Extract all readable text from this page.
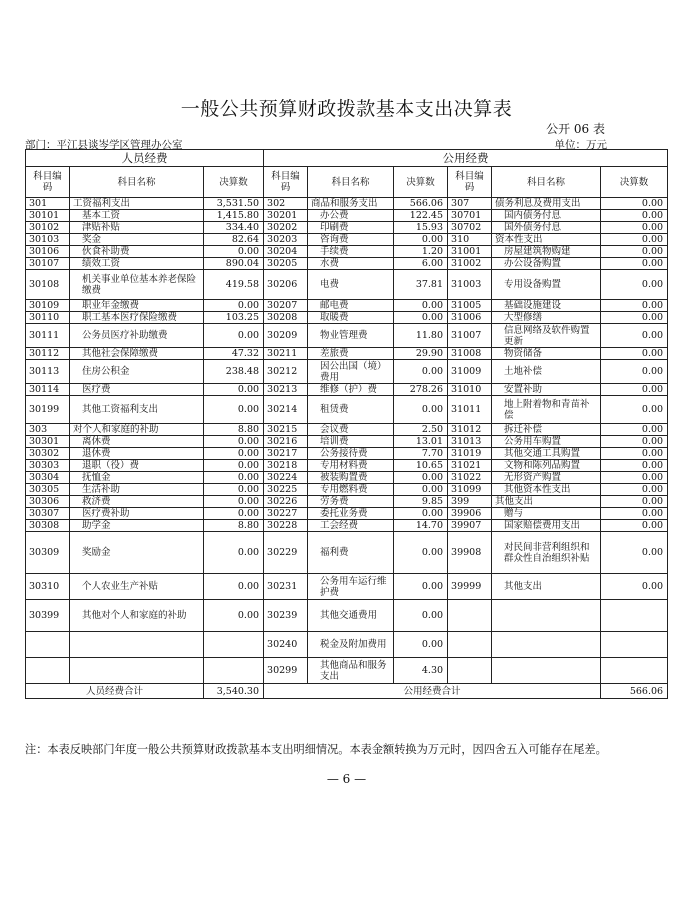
一般公共预算财政拨款基本支出决算表
公开 06 表
部门：平江县谈岑学区管理办公室	单位：万元
人员经费			公用经费					
科目编码	科目名称	决算数	科目编码	科目名称	决算数	科目编码	科目名称	决算数
301	工资福利支出	3,531.50	302	商品和服务支出	566.06	307	债务利息及费用支出	0.00
30101	基本工资	1,415.80	30201	办公费	122.45	30701	国内债务付息	0.00
30102	津贴补贴	334.40	30202	印刷费	15.93	30702	国外债务付息	0.00
30103	奖金	82.64	30203	咨询费	0.00	310	资本性支出	0.00
30106	伙食补助费	0.00	30204	手续费	1.20	31001	房屋建筑物购建	0.00
30107	绩效工资	890.04	30205	水费	6.00	31002	办公设备购置	0.00
30108	机关事业单位基本养老保险缴费	419.58	30206	电费	37.81	31003	专用设备购置	0.00
30109	职业年金缴费	0.00	30207	邮电费	0.00	31005	基础设施建设	0.00
30110	职工基本医疗保险缴费	103.25	30208	取暖费	0.00	31006	大型修缮	0.00
30111	公务员医疗补助缴费	0.00	30209	物业管理费	11.80	31007	信息网络及软件购置更新	0.00
30112	其他社会保障缴费	47.32	30211	差旅费	29.90	31008	物资储备	0.00
30113	住房公积金	238.48	30212	因公出国（境）费用	0.00	31009	土地补偿	0.00
30114	医疗费	0.00	30213	维修（护）费	278.26	31010	安置补助	0.00
30199	其他工资福利支出	0.00	30214	租赁费	0.00	31011	地上附着物和青苗补偿	0.00
303	对个人和家庭的补助	8.80	30215	会议费	2.50	31012	拆迁补偿	0.00
30301	离休费	0.00	30216	培训费	13.01	31013	公务用车购置	0.00
30302	退休费	0.00	30217	公务接待费	7.70	31019	其他交通工具购置	0.00
30303	退职（役）费	0.00	30218	专用材料费	10.65	31021	文物和陈列品购置	0.00
30304	抚恤金	0.00	30224	被装购置费	0.00	31022	无形资产购置	0.00
30305	生活补助	0.00	30225	专用燃料费	0.00	31099	其他资本性支出	0.00
30306	救济费	0.00	30226	劳务费	9.85	399	其他支出	0.00
30307	医疗费补助	0.00	30227	委托业务费	0.00	39906	赠与	0.00
30308	助学金	8.80	30228	工会经费	14.70	39907	国家赔偿费用支出	0.00
30309	奖励金	0.00	30229	福利费	0.00	39908	对民间非营利组织和群众性自治组织补贴	0.00
30310	个人农业生产补贴	0.00	30231	公务用车运行维护费	0.00	39999	其他支出	0.00
30399	其他对个人和家庭的补助	0.00	30239	其他交通费用	0.00			
			30240	税金及附加费用	0.00			
			30299	其他商品和服务支出	4.30			
人员经费合计		3,540.30	公用经费合计					566.06
注：本表反映部门年度一般公共预算财政拨款基本支出明细情况。本表金额转换为万元时，因四舍五入可能存在尾差。
— 6 —
